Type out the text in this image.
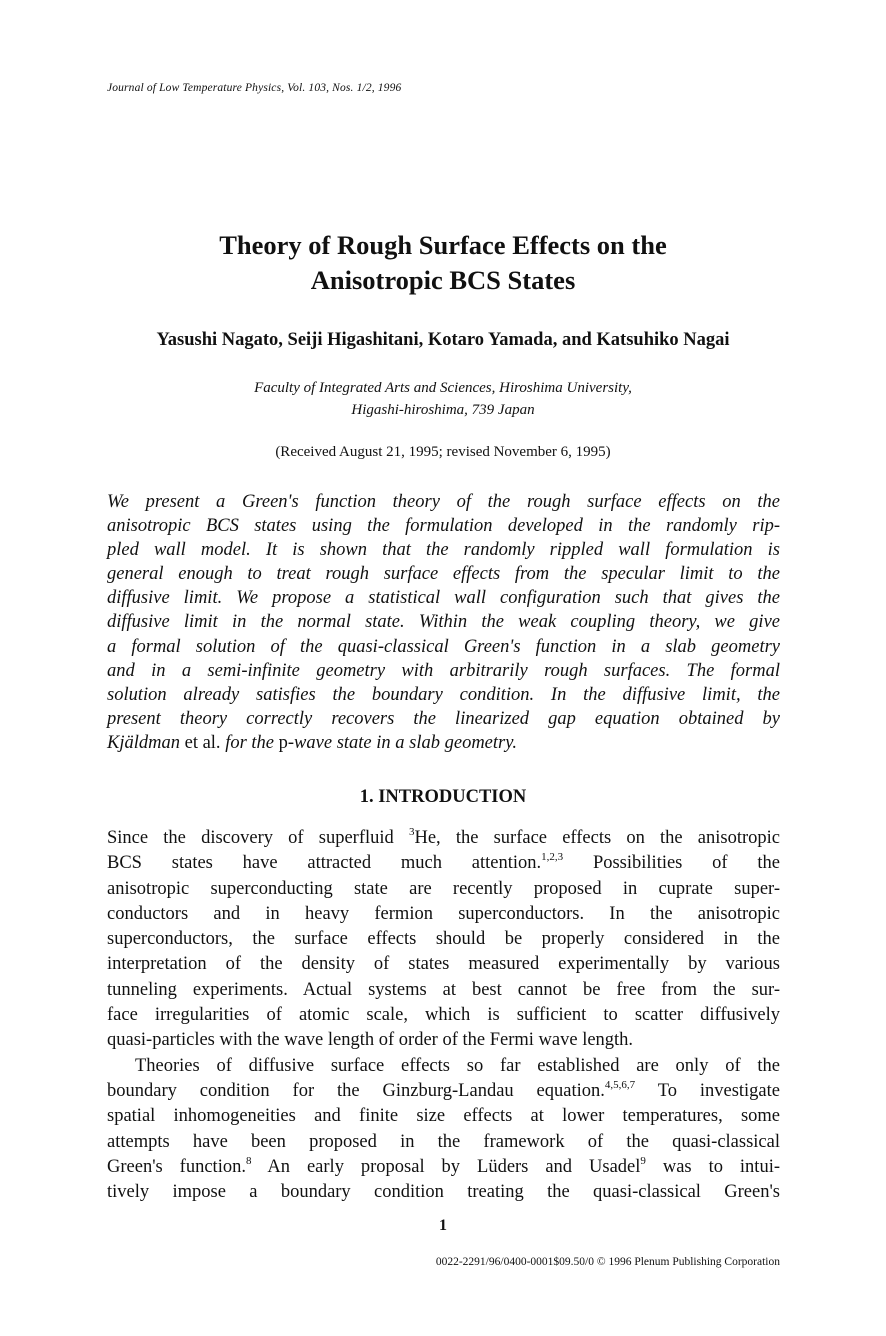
Journal of Low Temperature Physics, Vol. 103, Nos. 1/2, 1996
Theory of Rough Surface Effects on the
Anisotropic BCS States
Yasushi Nagato, Seiji Higashitani, Kotaro Yamada, and Katsuhiko Nagai
Faculty of Integrated Arts and Sciences, Hiroshima University,
Higashi-hiroshima, 739 Japan
(Received August 21, 1995; revised November 6, 1995)
We present a Green's function theory of the rough surface effects on the
anisotropic BCS states using the formulation developed in the randomly rip-
pled wall model. It is shown that the randomly rippled wall formulation is
general enough to treat rough surface effects from the specular limit to the
diffusive limit. We propose a statistical wall configuration such that gives the
diffusive limit in the normal state. Within the weak coupling theory, we give
a formal solution of the quasi-classical Green's function in a slab geometry
and in a semi-infinite geometry with arbitrarily rough surfaces. The formal
solution already satisfies the boundary condition. In the diffusive limit, the
present theory correctly recovers the linearized gap equation obtained by
Kjäldman et al. for the p-wave state in a slab geometry.
1. INTRODUCTION
Since the discovery of superfluid $^3$He, the surface effects on the anisotropic
BCS states have attracted much attention.$^{1,2,3}$ Possibilities of the
anisotropic superconducting state are recently proposed in cuprate super-
conductors and in heavy fermion superconductors. In the anisotropic
superconductors, the surface effects should be properly considered in the
interpretation of the density of states measured experimentally by various
tunneling experiments. Actual systems at best cannot be free from the sur-
face irregularities of atomic scale, which is sufficient to scatter diffusively
quasi-particles with the wave length of order of the Fermi wave length.
Theories of diffusive surface effects so far established are only of the
boundary condition for the Ginzburg-Landau equation.$^{4,5,6,7}$ To investigate
spatial inhomogeneities and finite size effects at lower temperatures, some
attempts have been proposed in the framework of the quasi-classical
Green's function.$^8$ An early proposal by Lüders and Usadel$^9$ was to intui-
tively impose a boundary condition treating the quasi-classical Green's
1
0022-2291/96/0400-0001$09.50/0 © 1996 Plenum Publishing Corporation
